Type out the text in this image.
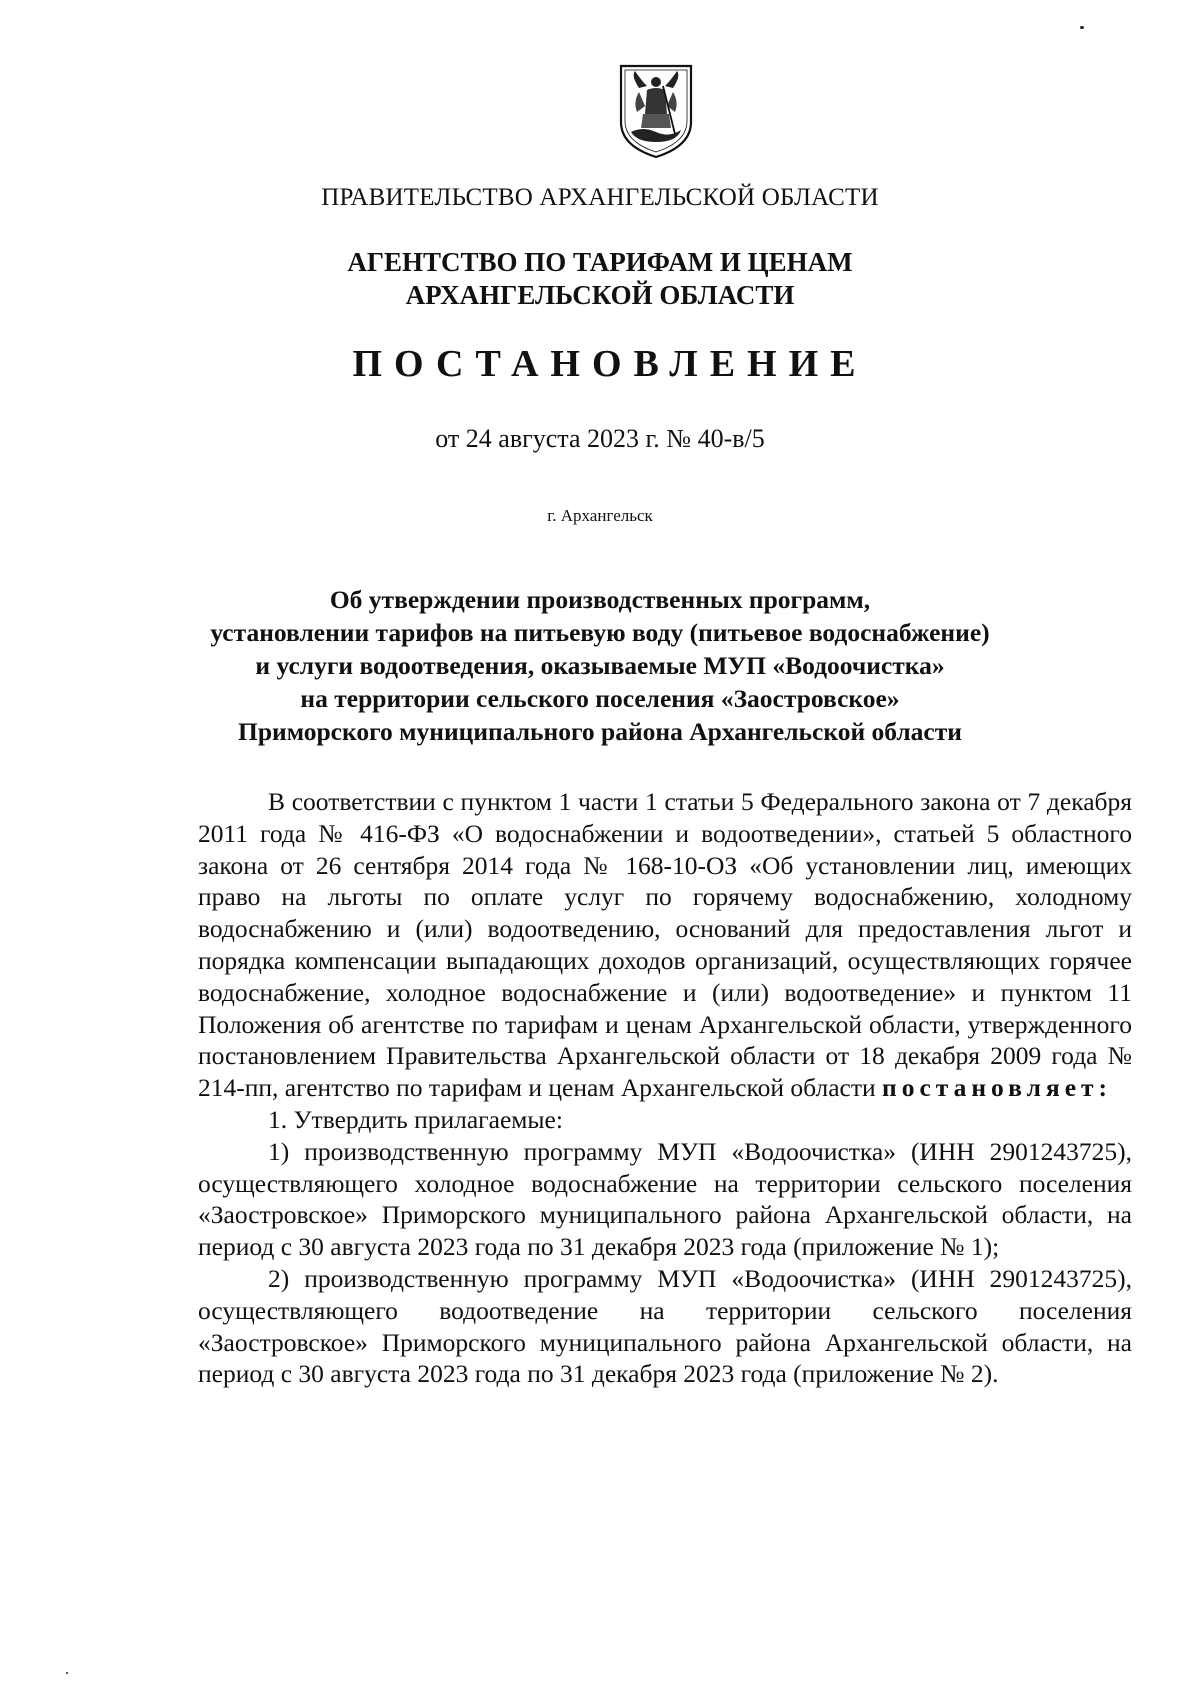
ПРАВИТЕЛЬСТВО АРХАНГЕЛЬСКОЙ ОБЛАСТИ
АГЕНТСТВО ПО ТАРИФАМ И ЦЕНАМ
АРХАНГЕЛЬСКОЙ ОБЛАСТИ
ПОСТАНОВЛЕНИЕ
от 24 августа 2023 г. № 40-в/5
г. Архангельск
Об утверждении производственных программ,
установлении тарифов на питьевую воду (питьевое водоснабжение)
и услуги водоотведения, оказываемые МУП «Водоочистка»
на территории сельского поселения «Заостровское»
Приморского муниципального района Архангельской области

В соответствии с пунктом 1 части 1 статьи 5 Федерального закона от 7 декабря 2011 года № 416-ФЗ «О водоснабжении и водоотведении», статьей 5 областного закона от 26 сентября 2014 года № 168-10-ОЗ «Об установлении лиц, имеющих право на льготы по оплате услуг по горячему водоснабжению, холодному водоснабжению и (или) водоотведению, оснований для предоставления льгот и порядка компенсации выпадающих доходов организаций, осуществляющих горячее водоснабжение, холодное водоснабжение и (или) водоотведение» и пунктом 11 Положения об агентстве по тарифам и ценам Архангельской области, утвержденного постановлением Правительства Архангельской области от 18 декабря 2009 года № 214-пп, агентство по тарифам и ценам Архангельской области постановляет:

1. Утвердить прилагаемые:

1) производственную программу МУП «Водоочистка» (ИНН 2901243725), осуществляющего холодное водоснабжение на территории сельского поселения «Заостровское» Приморского муниципального района Архангельской области, на период с 30 августа 2023 года по 31 декабря 2023 года (приложение № 1);

2) производственную программу МУП «Водоочистка» (ИНН 2901243725), осуществляющего водоотведение на территории сельского поселения «Заостровское» Приморского муниципального района Архангельской области, на период с 30 августа 2023 года по 31 декабря 2023 года (приложение № 2).
